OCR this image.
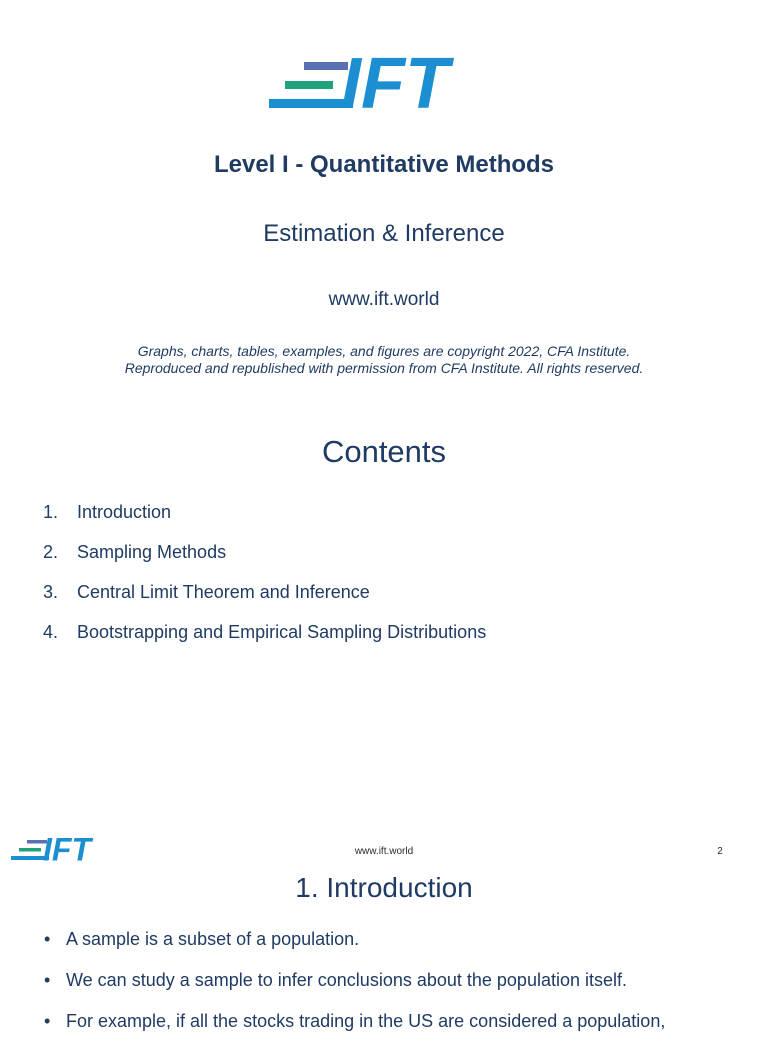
IFT
Level I - Quantitative Methods
Estimation & Inference
www.ift.world
Graphs, charts, tables, examples, and figures are copyright 2022, CFA Institute.
Reproduced and republished with permission from CFA Institute. All rights reserved.
Contents
1.	Introduction
2.	Sampling Methods
3.	Central Limit Theorem and Inference
4.	Bootstrapping and Empirical Sampling Distributions
IFT	www.ift.world	2
1. Introduction
• A sample is a subset of a population.
• We can study a sample to infer conclusions about the population itself.
• For example, if all the stocks trading in the US are considered a population,
